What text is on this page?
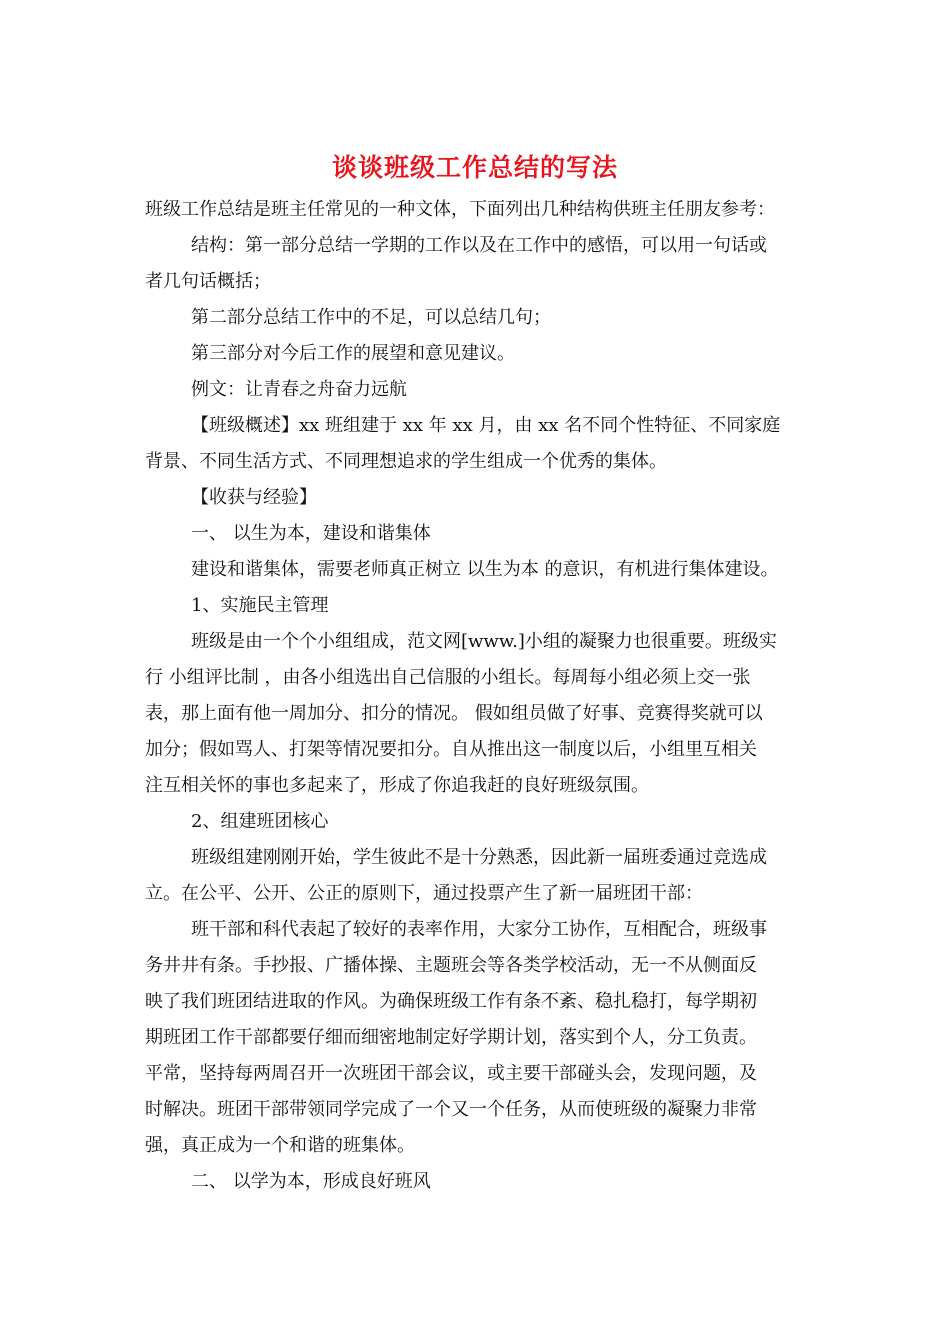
谈谈班级工作总结的写法
班级工作总结是班主任常见的一种文体，下面列出几种结构供班主任朋友参考：
结构：第一部分总结一学期的工作以及在工作中的感悟，可以用一句话或
者几句话概括；
第二部分总结工作中的不足，可以总结几句；
第三部分对今后工作的展望和意见建议。
例文：让青春之舟奋力远航
【班级概述】xx 班组建于 xx 年 xx 月，由 xx 名不同个性特征、不同家庭
背景、不同生活方式、不同理想追求的学生组成一个优秀的集体。
【收获与经验】
一、 以生为本，建设和谐集体
建设和谐集体，需要老师真正树立 以生为本 的意识，有机进行集体建设。
1、实施民主管理
班级是由一个个小组组成，范文网[www.]小组的凝聚力也很重要。班级实
行 小组评比制 ，由各小组选出自己信服的小组长。每周每小组必须上交一张
表，那上面有他一周加分、扣分的情况。 假如组员做了好事、竞赛得奖就可以
加分；假如骂人、打架等情况要扣分。自从推出这一制度以后，小组里互相关
注互相关怀的事也多起来了，形成了你追我赶的良好班级氛围。
2、组建班团核心
班级组建刚刚开始，学生彼此不是十分熟悉，因此新一届班委通过竞选成
立。在公平、公开、公正的原则下，通过投票产生了新一届班团干部：
班干部和科代表起了较好的表率作用，大家分工协作，互相配合，班级事
务井井有条。手抄报、广播体操、主题班会等各类学校活动，无一不从侧面反
映了我们班团结进取的作风。为确保班级工作有条不紊、稳扎稳打，每学期初
期班团工作干部都要仔细而细密地制定好学期计划，落实到个人，分工负责。
平常，坚持每两周召开一次班团干部会议，或主要干部碰头会，发现问题，及
时解决。班团干部带领同学完成了一个又一个任务，从而使班级的凝聚力非常
强，真正成为一个和谐的班集体。
二、 以学为本，形成良好班风
